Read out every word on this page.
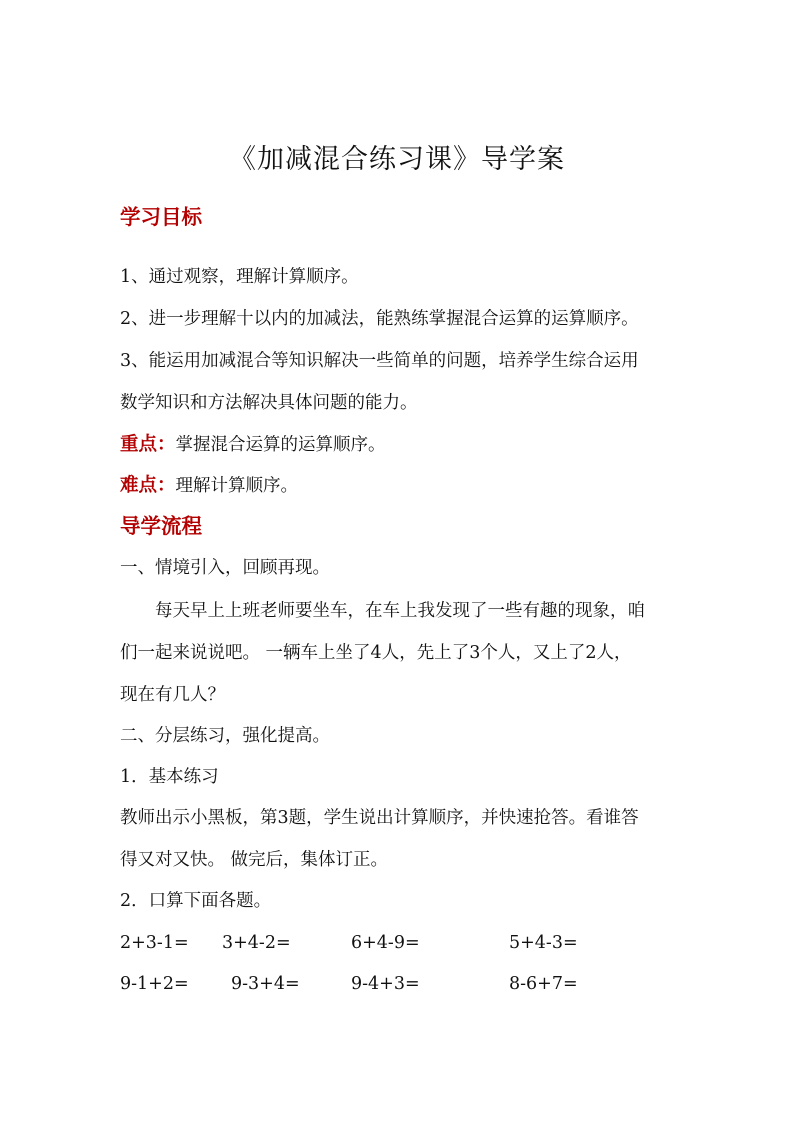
《加减混合练习课》导学案
学习目标
1、通过观察，理解计算顺序。
2、进一步理解十以内的加减法，能熟练掌握混合运算的运算顺序。
3、能运用加减混合等知识解决一些简单的问题，培养学生综合运用
数学知识和方法解决具体问题的能力。
重点：掌握混合运算的运算顺序。
难点：理解计算顺序。
导学流程
一、情境引入，回顾再现。
每天早上上班老师要坐车，在车上我发现了一些有趣的现象，咱
们一起来说说吧。 一辆车上坐了4人，先上了3个人，又上了2人，
现在有几人？
二、分层练习，强化提高。
1．基本练习
教师出示小黑板，第3题，学生说出计算顺序，并快速抢答。看谁答
得又对又快。 做完后，集体订正。
2．口算下面各题。
2+3-1= 3+4-2=	6+4-9=	5+4-3=
9-1+2= 9-3+4=	9-4+3=	8-6+7=
